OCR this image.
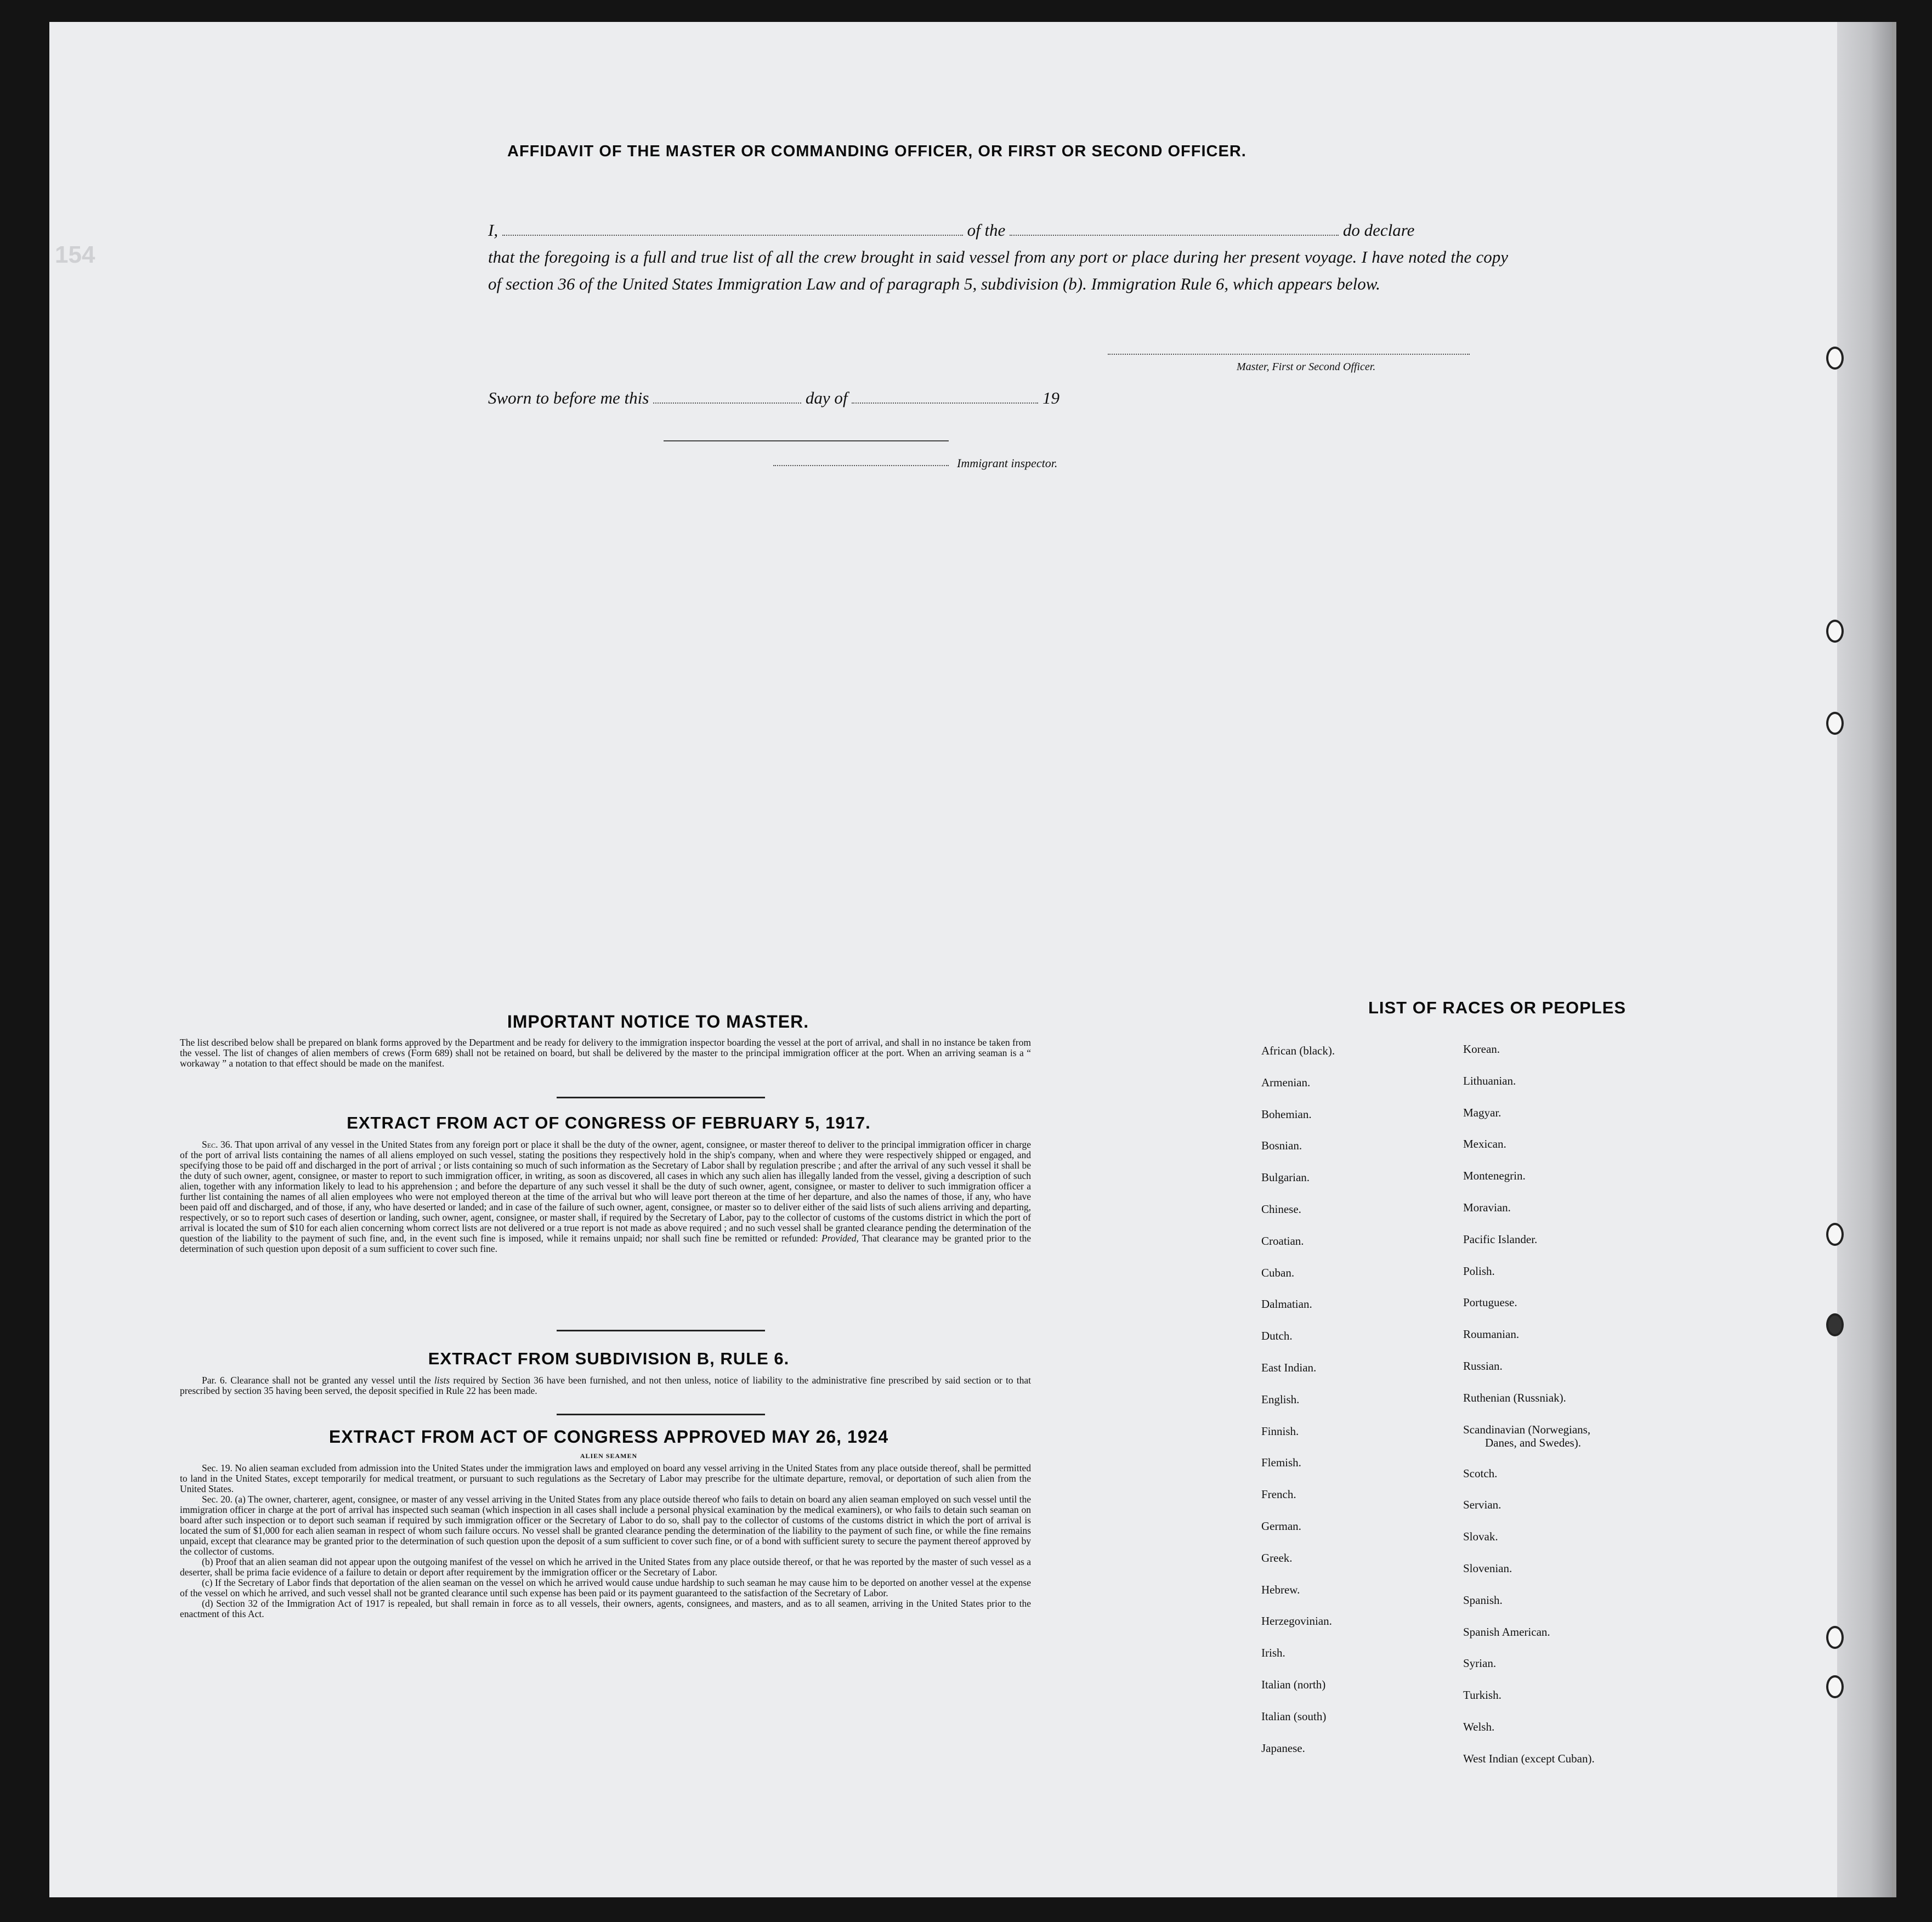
154
AFFIDAVIT OF THE MASTER OR COMMANDING OFFICER, OR FIRST OR SECOND OFFICER.
I,	of the	do declare
that the foregoing is a full and true list of all the crew brought in said vessel from any port or place during her present voyage. I have noted the copy of section 36 of the United States Immigration Law and of paragraph 5, subdivision (b). Immigration Rule 6, which appears below.
Master, First or Second Officer.
Sworn to before me this	day of	19
Immigrant inspector.
IMPORTANT NOTICE TO MASTER.
The list described below shall be prepared on blank forms approved by the Department and be ready for delivery to the immigration inspector boarding the vessel at the port of arrival, and shall in no instance be taken from the vessel. The list of changes of alien members of crews (Form 689) shall not be retained on board, but shall be delivered by the master to the principal immigration officer at the port. When an arriving seaman is a “ workaway ” a notation to that effect should be made on the manifest.
EXTRACT FROM ACT OF CONGRESS OF FEBRUARY 5, 1917.
Sec. 36. That upon arrival of any vessel in the United States from any foreign port or place it shall be the duty of the owner, agent, consignee, or master thereof to deliver to the principal immigration officer in charge of the port of arrival lists containing the names of all aliens employed on such vessel, stating the positions they respectively hold in the ship's company, when and where they were respectively shipped or engaged, and specifying those to be paid off and discharged in the port of arrival ; or lists containing so much of such information as the Secretary of Labor shall by regulation prescribe ; and after the arrival of any such vessel it shall be the duty of such owner, agent, consignee, or master to report to such immigration officer, in writing, as soon as discovered, all cases in which any such alien has illegally landed from the vessel, giving a description of such alien, together with any information likely to lead to his apprehension ; and before the departure of any such vessel it shall be the duty of such owner, agent, consignee, or master to deliver to such immigration officer a further list containing the names of all alien employees who were not employed thereon at the time of the arrival but who will leave port thereon at the time of her departure, and also the names of those, if any, who have been paid off and discharged, and of those, if any, who have deserted or landed; and in case of the failure of such owner, agent, consignee, or master so to deliver either of the said lists of such aliens arriving and departing, respectively, or so to report such cases of desertion or landing, such owner, agent, consignee, or master shall, if required by the Secretary of Labor, pay to the collector of customs of the customs district in which the port of arrival is located the sum of $10 for each alien concerning whom correct lists are not delivered or a true report is not made as above required ; and no such vessel shall be granted clearance pending the determination of the question of the liability to the payment of such fine, and, in the event such fine is imposed, while it remains unpaid; nor shall such fine be remitted or refunded: Provided, That clearance may be granted prior to the determination of such question upon deposit of a sum sufficient to cover such fine.
EXTRACT FROM SUBDIVISION B, RULE 6.
Par. 6. Clearance shall not be granted any vessel until the lists required by Section 36 have been furnished, and not then unless, notice of liability to the administrative fine prescribed by said section or to that prescribed by section 35 having been served, the deposit specified in Rule 22 has been made.
EXTRACT FROM ACT OF CONGRESS APPROVED MAY 26, 1924
ALIEN SEAMEN
Sec. 19. No alien seaman excluded from admission into the United States under the immigration laws and employed on board any vessel arriving in the United States from any place outside thereof, shall be permitted to land in the United States, except temporarily for medical treatment, or pursuant to such regulations as the Secretary of Labor may prescribe for the ultimate departure, removal, or deportation of such alien from the United States.
Sec. 20. (a) The owner, charterer, agent, consignee, or master of any vessel arriving in the United States from any place outside thereof who fails to detain on board any alien seaman employed on such vessel until the immigration officer in charge at the port of arrival has inspected such seaman (which inspection in all cases shall include a personal physical examination by the medical examiners), or who fails to detain such seaman on board after such inspection or to deport such seaman if required by such immigration officer or the Secretary of Labor to do so, shall pay to the collector of customs of the customs district in which the port of arrival is located the sum of $1,000 for each alien seaman in respect of whom such failure occurs. No vessel shall be granted clearance pending the determination of the liability to the payment of such fine, or while the fine remains unpaid, except that clearance may be granted prior to the determination of such question upon the deposit of a sum sufficient to cover such fine, or of a bond with sufficient surety to secure the payment thereof approved by the collector of customs.
(b) Proof that an alien seaman did not appear upon the outgoing manifest of the vessel on which he arrived in the United States from any place outside thereof, or that he was reported by the master of such vessel as a deserter, shall be prima facie evidence of a failure to detain or deport after requirement by the immigration officer or the Secretary of Labor.
(c) If the Secretary of Labor finds that deportation of the alien seaman on the vessel on which he arrived would cause undue hardship to such seaman he may cause him to be deported on another vessel at the expense of the vessel on which he arrived, and such vessel shall not be granted clearance until such expense has been paid or its payment guaranteed to the satisfaction of the Secretary of Labor.
(d) Section 32 of the Immigration Act of 1917 is repealed, but shall remain in force as to all vessels, their owners, agents, consignees, and masters, and as to all seamen, arriving in the United States prior to the enactment of this Act.
LIST OF RACES OR PEOPLES
African (black).
Armenian.
Bohemian.
Bosnian.
Bulgarian.
Chinese.
Croatian.
Cuban.
Dalmatian.
Dutch.
East Indian.
English.
Finnish.
Flemish.
French.
German.
Greek.
Hebrew.
Herzegovinian.
Irish.
Italian (north)
Italian (south)
Japanese.
Korean.
Lithuanian.
Magyar.
Mexican.
Montenegrin.
Moravian.
Pacific Islander.
Polish.
Portuguese.
Roumanian.
Russian.
Ruthenian (Russniak).
Scandinavian (Norwegians,
Danes, and Swedes).
Scotch.
Servian.
Slovak.
Slovenian.
Spanish.
Spanish American.
Syrian.
Turkish.
Welsh.
West Indian (except Cuban).
